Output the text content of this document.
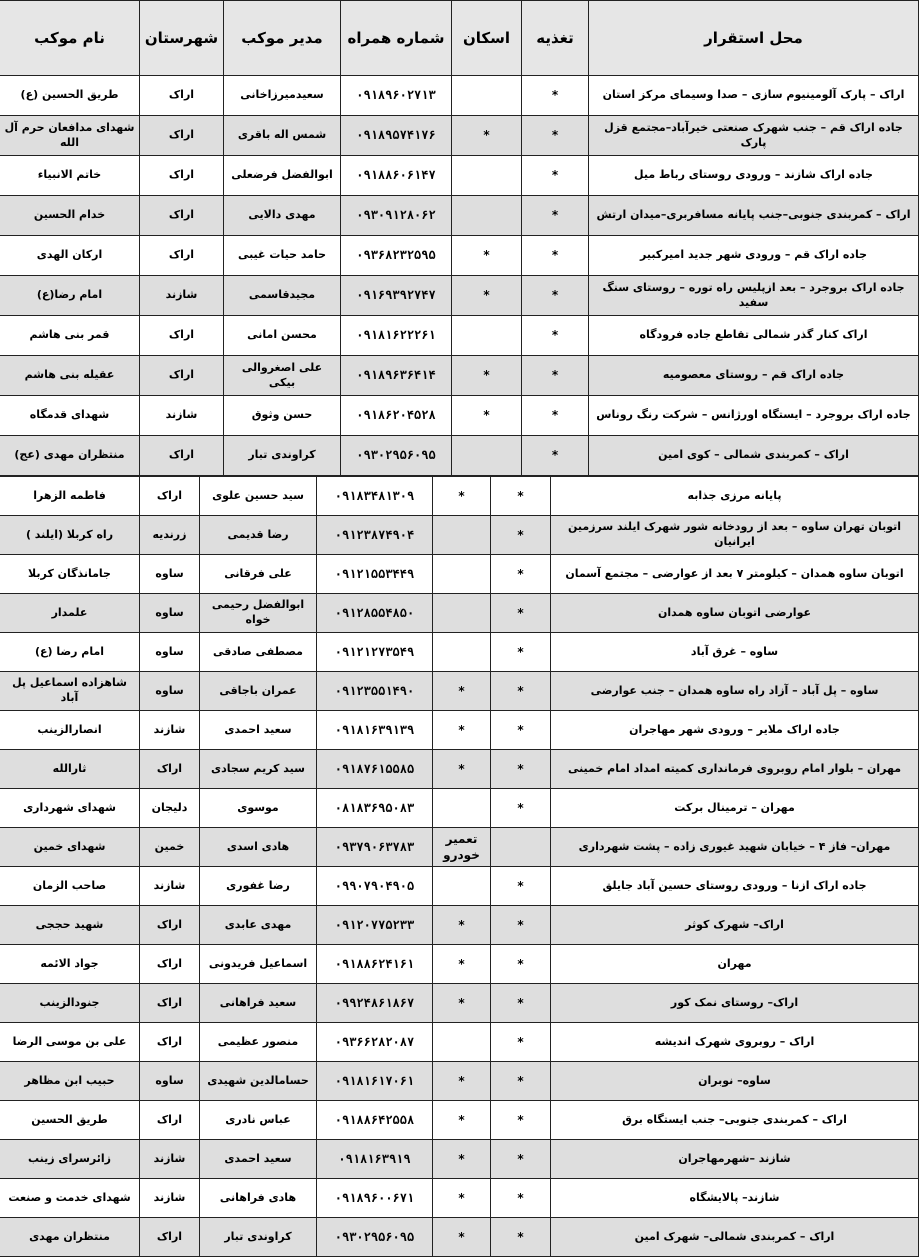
محل استقرار	تغذیه	اسکان	شماره همراه	مدیر موکب	شهرستان	نام موکب
اراک – پارک آلومینیوم سازی – صدا وسیمای مرکز استان	*		۰۹۱۸۹۶۰۲۷۱۳	سعیدمیرزاخانی	اراک	طریق الحسین (ع)
جاده اراک قم – جنب شهرک صنعتی خیرآباد–مجتمع قزل پارک	*	*	۰۹۱۸۹۵۷۴۱۷۶	شمس اله باقری	اراک	شهدای مدافعان حرم آل الله
جاده اراک شازند – ورودی روستای رباط میل	*		۰۹۱۸۸۶۰۶۱۴۷	ابوالفضل فرضعلی	اراک	خاتم الانبیاء
اراک – کمربندی جنوبی–جنب پایانه مسافربری–میدان ارتش	*		۰۹۳۰۹۱۲۸۰۶۲	مهدی دالایی	اراک	خدام الحسین
جاده اراک قم – ورودی شهر جدید امیرکبیر	*	*	۰۹۳۶۸۲۳۲۵۹۵	حامد حیات غیبی	اراک	ارکان الهدی
جاده اراک بروجرد – بعد ازپلیس راه توره – روستای سنگ سفید	*	*	۰۹۱۶۹۳۹۲۷۴۷	مجیدقاسمی	شازند	امام رضا(ع)
اراک کنار گذر شمالی تقاطع جاده فرودگاه	*		۰۹۱۸۱۶۲۲۲۶۱	محسن امانی	اراک	قمر بنی هاشم
جاده اراک قم – روستای معصومیه	*	*	۰۹۱۸۹۶۳۶۴۱۴	علی اصغروالی بیکی	اراک	عقیله بنی هاشم
جاده اراک بروجرد – ایستگاه اورژانس – شرکت رنگ روناس	*	*	۰۹۱۸۶۲۰۴۵۲۸	حسن وثوق	شازند	شهدای قدمگاه
اراک – کمربندی شمالی – کوی امین	*		۰۹۳۰۲۹۵۶۰۹۵	کراوندی تبار	اراک	منتظران مهدی (عج)
پایانه مرزی جذابه	*	*	۰۹۱۸۳۴۸۱۳۰۹	سید حسین علوی	اراک	فاطمه الزهرا
اتوبان تهران ساوه – بعد از رودخانه شور شهرک ایلند سرزمین ایرانیان	*		۰۹۱۲۳۸۷۴۹۰۴	رضا قدیمی	زرندیه	راه کربلا (ایلند )
اتوبان ساوه همدان – کیلومتر ۷ بعد از عوارضی – مجتمع آسمان	*		۰۹۱۲۱۵۵۳۴۴۹	علی فرقانی	ساوه	جامانذگان کربلا
عوارضی اتوبان ساوه همدان	*		۰۹۱۲۸۵۵۴۸۵۰	ابوالفضل رحیمی خواه	ساوه	علمدار
ساوه – غرق آباد	*		۰۹۱۲۱۲۷۳۵۴۹	مصطفی صادقی	ساوه	امام رضا (ع)
ساوه – پل آباد – آزاد راه ساوه همدان – جنب عوارضی	*	*	۰۹۱۲۳۵۵۱۴۹۰	عمران باجاقی	ساوه	شاهزاده اسماعیل پل آباد
جاده اراک ملایر – ورودی شهر مهاجران	*	*	۰۹۱۸۱۶۳۹۱۳۹	سعید احمدی	شازند	انصارالزینب
مهران – بلوار امام روبروی فرمانداری کمیته امداد امام خمینی	*	*	۰۹۱۸۷۶۱۵۵۸۵	سید کریم سجادی	اراک	ثارالله
مهران – ترمینال برکت	*		۰۸۱۸۳۶۹۵۰۸۳	موسوی	دلیجان	شهدای شهرداری
مهران– فاز ۴ – خیابان شهید غیوری زاده – پشت شهرداری		تعمیر خودرو	۰۹۳۷۹۰۶۳۷۸۳	هادی اسدی	خمین	شهدای خمین
جاده اراک ازنا – ورودی روستای حسین آباد جایلق	*		۰۹۹۰۷۹۰۴۹۰۵	رضا غفوری	شازند	صاحب الزمان
اراک– شهرک کوثر	*	*	۰۹۱۲۰۷۷۵۲۳۳	مهدی عابدی	اراک	شهید حججی
مهران	*	*	۰۹۱۸۸۶۲۴۱۶۱	اسماعیل فریدونی	اراک	جواد الائمه
اراک– روستای نمک کور	*	*	۰۹۹۲۴۸۶۱۸۶۷	سعید فراهانی	اراک	جنودالزینب
اراک – روبروی شهرک اندیشه	*		۰۹۳۶۶۲۸۲۰۸۷	منصور عظیمی	اراک	علی بن موسی الرضا
ساوه– نوبران	*	*	۰۹۱۸۱۶۱۷۰۶۱	حسامالدین شهیدی	ساوه	حبیب ابن مظاهر
اراک – کمربندی جنوبی– جنب ایستگاه برق	*	*	۰۹۱۸۸۶۴۲۵۵۸	عباس نادری	اراک	طریق الحسین
شازند –شهرمهاجران	*	*	۰۹۱۸۱۶۳۹۱۹	سعید احمدی	شازند	زائرسرای زینب
شازند– پالایشگاه	*	*	۰۹۱۸۹۶۰۰۶۷۱	هادی فراهانی	شازند	شهدای خدمت و صنعت
اراک – کمربندی شمالی– شهرک امین	*	*	۰۹۳۰۲۹۵۶۰۹۵	کراوندی تبار	اراک	منتظران مهدی
